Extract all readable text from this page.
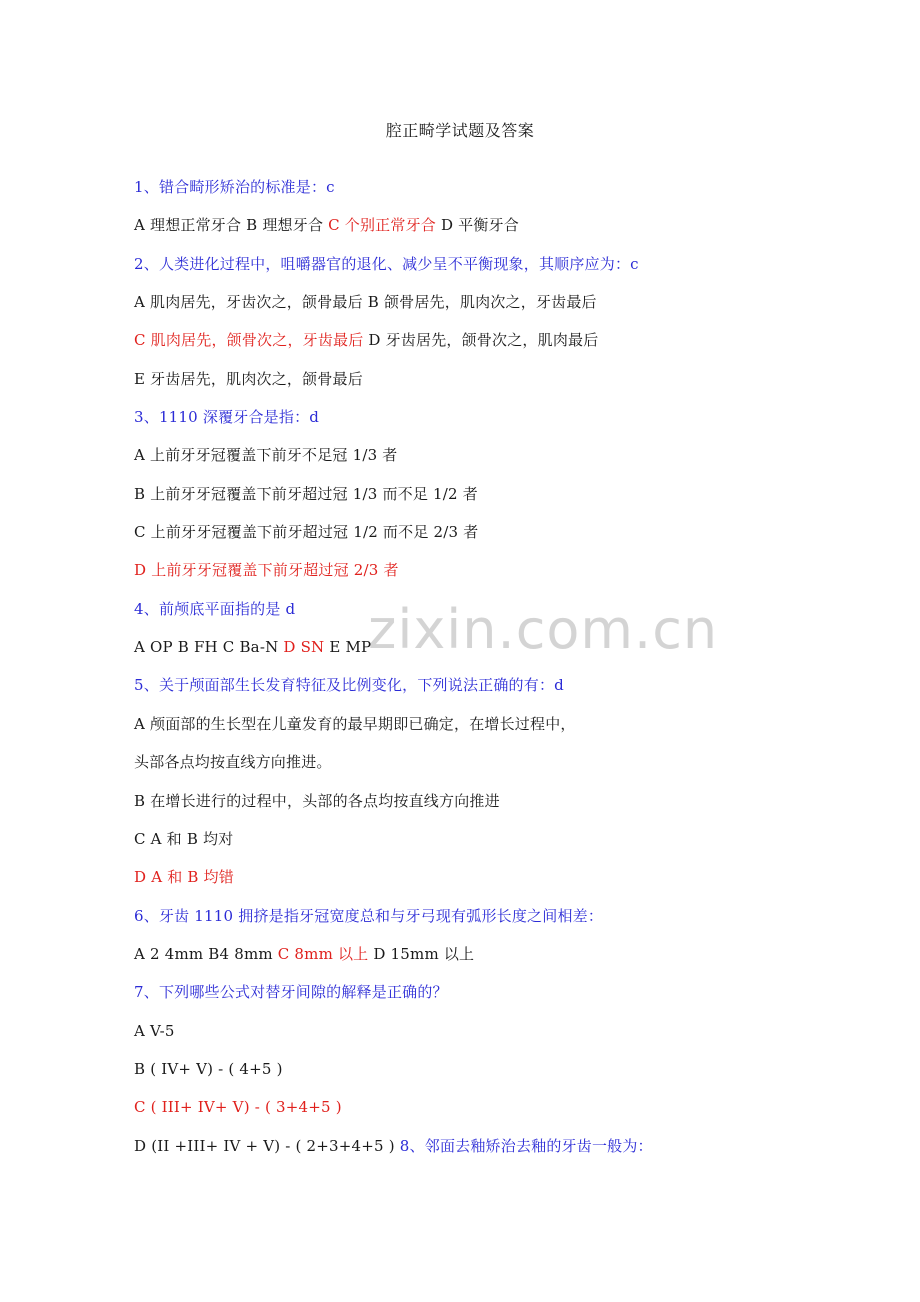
zixin.com.cn
腔正畸学试题及答案
1、错合畸形矫治的标准是：c
A 理想正常牙合 B 理想牙合 C 个别正常牙合 D 平衡牙合
2、人类进化过程中，咀嚼器官的退化、减少呈不平衡现象，其顺序应为：c
A 肌肉居先，牙齿次之，颌骨最后 B 颌骨居先，肌肉次之，牙齿最后
C 肌肉居先，颌骨次之，牙齿最后 D 牙齿居先，颌骨次之，肌肉最后
E 牙齿居先，肌肉次之，颌骨最后
3、1110 深覆牙合是指：d
A 上前牙牙冠覆盖下前牙不足冠 1/3 者
B 上前牙牙冠覆盖下前牙超过冠 1/3 而不足 1/2 者
C 上前牙牙冠覆盖下前牙超过冠 1/2 而不足 2/3 者
D 上前牙牙冠覆盖下前牙超过冠 2/3 者
4、前颅底平面指的是 d
A OP B FH C Ba-N D SN E MP
5、关于颅面部生长发育特征及比例变化，下列说法正确的有：d
A 颅面部的生长型在儿童发育的最早期即已确定，在增长过程中，
头部各点均按直线方向推进。
B 在增长进行的过程中，头部的各点均按直线方向推进
C A 和 B 均对
D A 和 B 均错
6、牙齿 1110 拥挤是指牙冠宽度总和与牙弓现有弧形长度之间相差：
A 2 4mm B4 8mm C 8mm 以上 D 15mm 以上
7、下列哪些公式对替牙间隙的解释是正确的？
A V-5
B ( IV+ V) - ( 4+5 )
C ( III+ IV+ V) - ( 3+4+5 )
D (II +III+ IV + V) - ( 2+3+4+5 ) 8、邻面去釉矫治去釉的牙齿一般为：
